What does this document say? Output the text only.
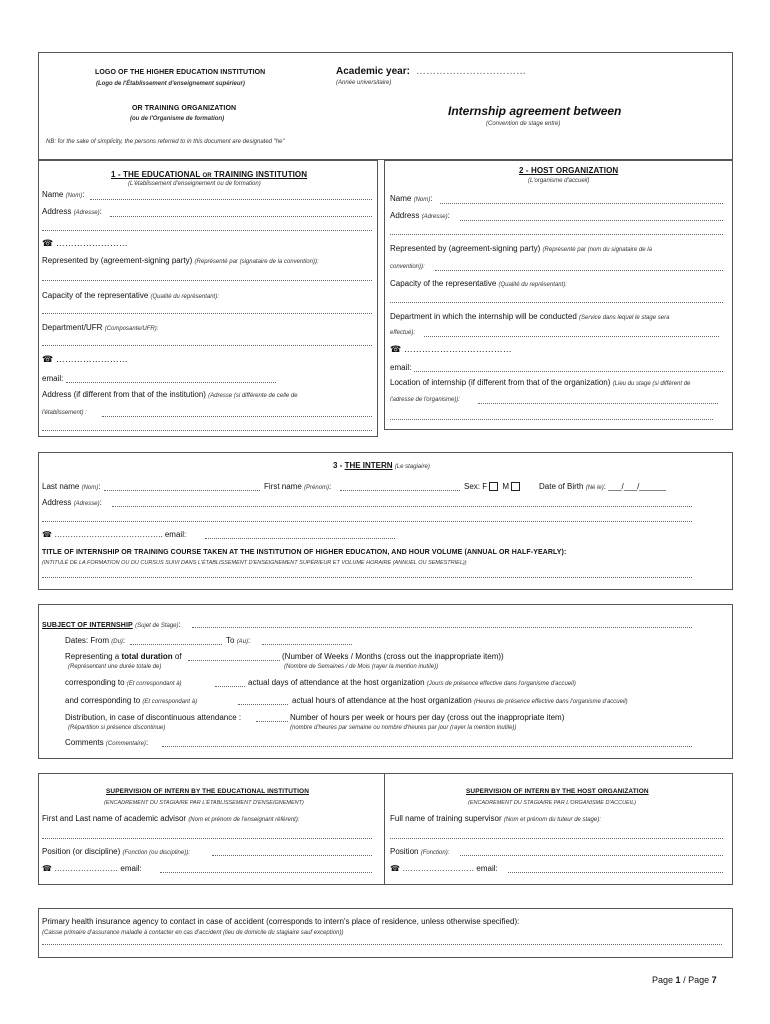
LOGO OF THE HIGHER EDUCATION INSTITUTION
(Logo de l'Établissement d'enseignement supérieur)
OR TRAINING ORGANIZATION
(ou de l'Organisme de formation)
NB: for the sake of simplicity, the persons referred to in this document are designated "he"
Academic year: ……………………………
(Année universitaire)
Internship agreement between
(Convention de stage entre)
1 - THE EDUCATIONAL OR TRAINING INSTITUTION
(L'établissement d'enseignement ou de formation)
Name (Nom):
Address (Adresse):
☎ ……………………
Represented by (agreement-signing party) (Représenté par (signataire de la convention)):
Capacity of the representative (Qualité du représentant):
Department/UFR (Composante/UFR):
☎ ……………………
email:
Address (if different from that of the institution) (Adresse (si différente de celle de
l'établissement) :
2 - HOST ORGANIZATION
(L'organisme d'accueil)
Name (Nom):
Address (Adresse):
Represented by (agreement-signing party) (Représenté par (nom du signataire de la
convention)):
Capacity of the representative (Qualité du représentant):
Department in which the internship will be conducted (Service dans lequel le stage sera
effectué):
☎ ………………………………
email:
Location of internship (if different from that of the organization) (Lieu du stage (si différent de
l'adresse de l'organisme)):
3 - THE INTERN (Le stagiaire)
Last name (Nom):	First name (Prénom):	Sex: F M	Date of Birth (Né le): ___/___/______
Address (Adresse):
☎ ………………………………….. email:
TITLE OF INTERNSHIP OR TRAINING COURSE TAKEN AT THE INSTITUTION OF HIGHER EDUCATION, AND HOUR VOLUME (ANNUAL OR HALF-YEARLY):
(INTITULÉ DE LA FORMATION OU DU CURSUS SUIVI DANS L'ÉTABLISSEMENT D'ENSEIGNEMENT SUPÉRIEUR ET VOLUME HORAIRE (ANNUEL OU SEMESTRIEL))
SUBJECT OF INTERNSHIP (Sujet de Stage):
Dates: From (Du):	To (Au):
Representing a total duration of	(Number of Weeks / Months (cross out the inappropriate item))
(Représentant une durée totale de)	(Nombre de Semaines / de Mois (rayer la mention inutile))
corresponding to (Et correspondant à)	actual days of attendance at the host organization (Jours de présence effective dans l'organisme d'accueil)
and corresponding to (Et correspondant à)	actual hours of attendance at the host organization (Heures de présence effective dans l'organisme d'accueil)
Distribution, in case of discontinuous attendance :	Number of hours per week or hours per day (cross out the inappropriate item)
(Répartition si présence discontinue)	(nombre d'heures par semaine ou nombre d'heures par jour (rayer la mention inutile))
Comments (Commentaire):
SUPERVISION OF INTERN BY THE EDUCATIONAL INSTITUTION
(ENCADREMENT DU STAGIAIRE PAR L'ÉTABLISSEMENT D'ENSEIGNEMENT)
First and Last name of academic advisor (Nom et prénom de l'enseignant référent):
Position (or discipline) (Fonction (ou discipline)):
☎ …………………… email:
SUPERVISION OF INTERN BY THE HOST ORGANIZATION
(ENCADREMENT DU STAGIAIRE PAR L'ORGANISME D'ACCUEIL)
Full name of training supervisor (Nom et prénom du tuteur de stage):
Position (Fonction):
☎ ……………………… email:
Primary health insurance agency to contact in case of accident (corresponds to intern's place of residence, unless otherwise specified):
(Caisse primaire d'assurance maladie à contacter en cas d'accident (lieu de domicile du stagiaire sauf exception))
Page 1 / Page 7
